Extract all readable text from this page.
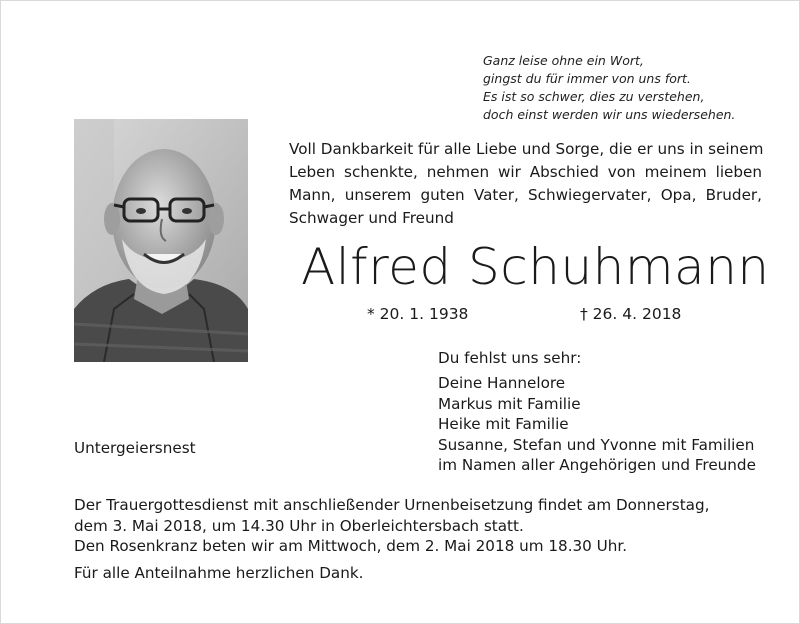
Ganz leise ohne ein Wort,
gingst du für immer von uns fort.
Es ist so schwer, dies zu verstehen,
doch einst werden wir uns wiedersehen.
Voll Dankbarkeit für alle Liebe und Sorge, die er uns in seinem
Leben schenkte, nehmen wir Abschied von meinem lieben
Mann, unserem guten Vater, Schwiegervater, Opa, Bruder,
Schwager und Freund
Alfred Schuhmann
* 20. 1. 1938	† 26. 4. 2018
Du fehlst uns sehr:
Deine Hannelore
Markus mit Familie
Heike mit Familie
Susanne, Stefan und Yvonne mit Familien
im Namen aller Angehörigen und Freunde
Untergeiersnest
Der Trauergottesdienst mit anschließender Urnenbeisetzung findet am Donnerstag,
dem 3. Mai 2018, um 14.30 Uhr in Oberleichtersbach statt.
Den Rosenkranz beten wir am Mittwoch, dem 2. Mai 2018 um 18.30 Uhr.
Für alle Anteilnahme herzlichen Dank.
